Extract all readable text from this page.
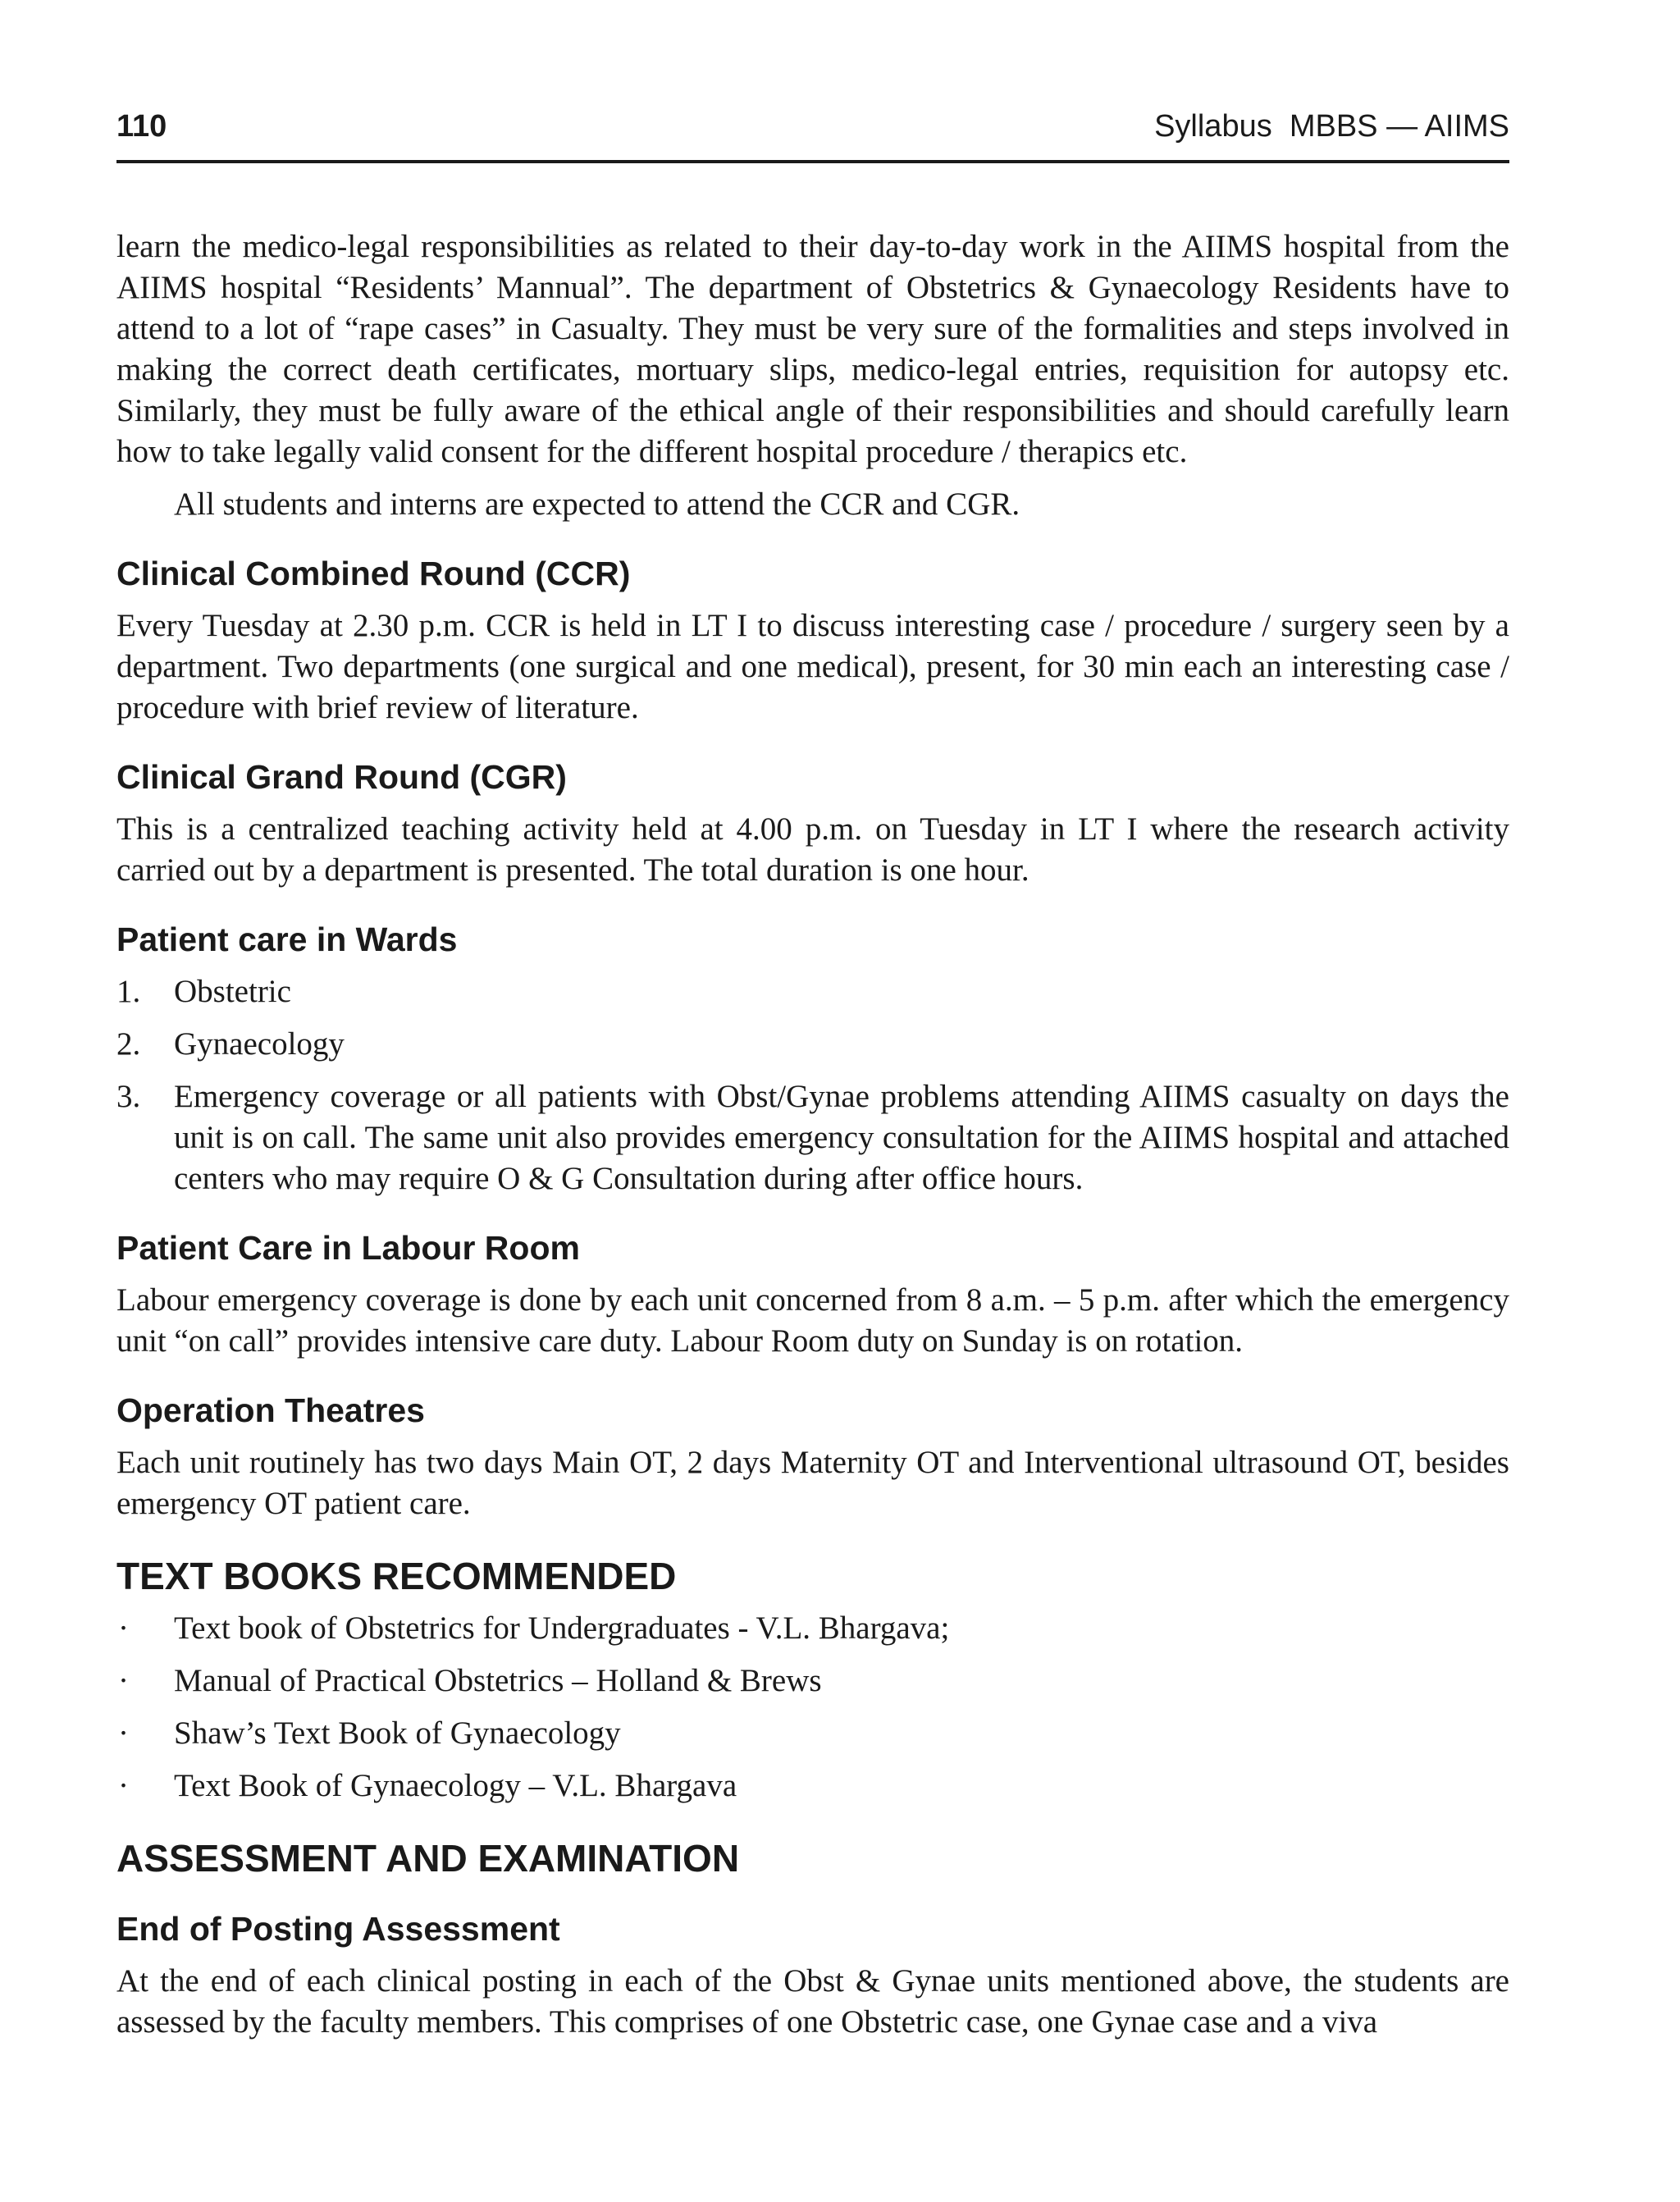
110	Syllabus  MBBS — AIIMS

learn the medico-legal responsibilities as related to their day-to-day work in the AIIMS hospital from the AIIMS hospital “Residents’ Mannual”. The department of Obstetrics & Gynaecology Residents have to attend to a lot of “rape cases” in Casualty. They must be very sure of the formalities and steps involved in making the correct death certificates, mortuary slips, medico-legal entries, requisition for autopsy etc. Similarly, they must be fully aware of the ethical angle of their responsibilities and should carefully learn how to take legally valid consent for the different hospital procedure / therapics etc.

All students and interns are expected to attend the CCR and CGR.

Clinical Combined Round (CCR)

Every Tuesday at 2.30 p.m. CCR is held in LT I to discuss interesting case / procedure / surgery seen by a department. Two departments (one surgical and one medical), present, for 30 min each an interesting case / procedure with brief review of literature.

Clinical Grand Round (CGR)

This is a centralized teaching activity held at 4.00 p.m. on Tuesday in LT I where the research activity carried out by a department is presented. The total duration is one hour.

Patient care in Wards
1. Obstetric
2. Gynaecology
3. Emergency coverage or all patients with Obst/Gynae problems attending AIIMS casualty on days the unit is on call. The same unit also provides emergency consultation for the AIIMS hospital and attached centers who may require O & G Consultation during after office hours.
Patient Care in Labour Room

Labour emergency coverage is done by each unit concerned from 8 a.m. – 5 p.m. after which the emergency unit “on call” provides intensive care duty. Labour Room duty on Sunday is on rotation.

Operation Theatres

Each unit routinely has two days Main OT, 2 days Maternity OT and Interventional ultrasound OT, besides emergency OT patient care.

TEXT BOOKS RECOMMENDED
· Text book of Obstetrics for Undergraduates - V.L. Bhargava;
· Manual of Practical Obstetrics – Holland & Brews
· Shaw’s Text Book of Gynaecology
· Text Book of Gynaecology – V.L. Bhargava
ASSESSMENT AND EXAMINATION
End of Posting Assessment

At the end of each clinical posting in each of the Obst & Gynae units mentioned above, the students are assessed by the faculty members. This comprises of one Obstetric case, one Gynae case and a viva
